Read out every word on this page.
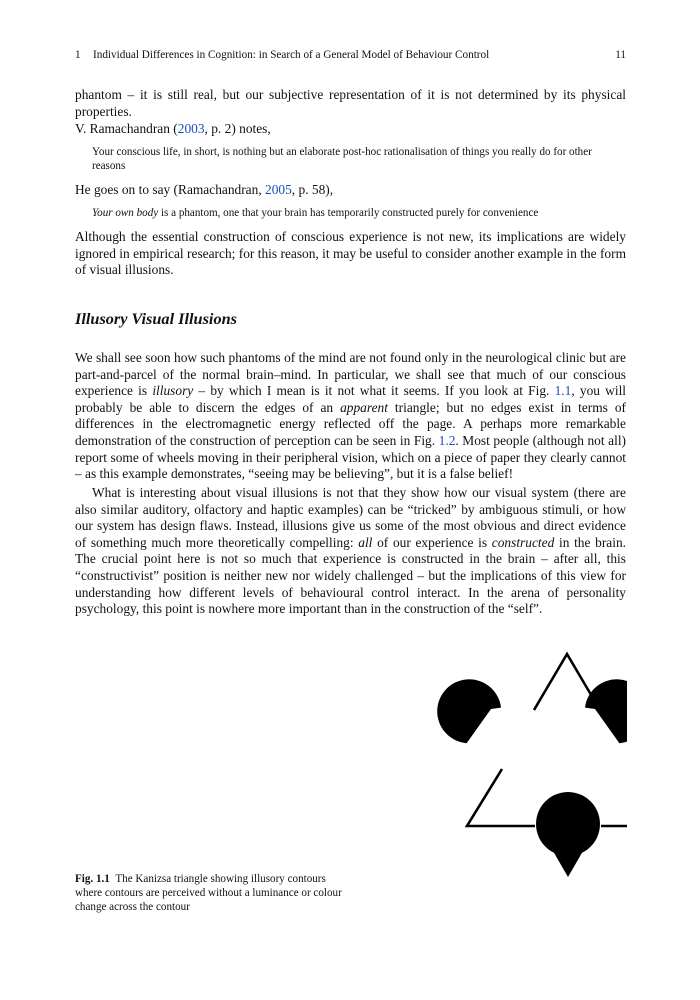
1 Individual Differences in Cognition: in Search of a General Model of Behaviour Control	11

phantom – it is still real, but our subjective representation of it is not determined by its physical properties.

V. Ramachandran (2003, p. 2) notes,

Your conscious life, in short, is nothing but an elaborate post-hoc rationalisation of things you really do for other reasons

He goes on to say (Ramachandran, 2005, p. 58),

Your own body is a phantom, one that your brain has temporarily constructed purely for convenience

Although the essential construction of conscious experience is not new, its implications are widely ignored in empirical research; for this reason, it may be useful to consider another example in the form of visual illusions.

Illusory Visual Illusions

We shall see soon how such phantoms of the mind are not found only in the neurological clinic but are part-and-parcel of the normal brain–mind. In particular, we shall see that much of our conscious experience is illusory – by which I mean is it not what it seems. If you look at Fig. 1.1, you will probably be able to discern the edges of an apparent triangle; but no edges exist in terms of differences in the electromagnetic energy reflected off the page. A perhaps more remarkable demonstration of the construction of perception can be seen in Fig. 1.2. Most people (although not all) report some of wheels moving in their peripheral vision, which on a piece of paper they clearly cannot – as this example demonstrates, “seeing may be believing”, but it is a false belief!

What is interesting about visual illusions is not that they show how our visual system (there are also similar auditory, olfactory and haptic examples) can be “tricked” by ambiguous stimuli, or how our system has design flaws. Instead, illusions give us some of the most obvious and direct evidence of something much more theoretically compelling: all of our experience is constructed in the brain. The crucial point here is not so much that experience is constructed in the brain – after all, this “constructivist” position is neither new nor widely challenged – but the implications of this view for understanding how different levels of behavioural control interact. In the arena of personality psychology, this point is nowhere more important than in the construction of the “self”.

Fig. 1.1 The Kanizsa triangle showing illusory contours where contours are perceived without a luminance or colour change across the contour
